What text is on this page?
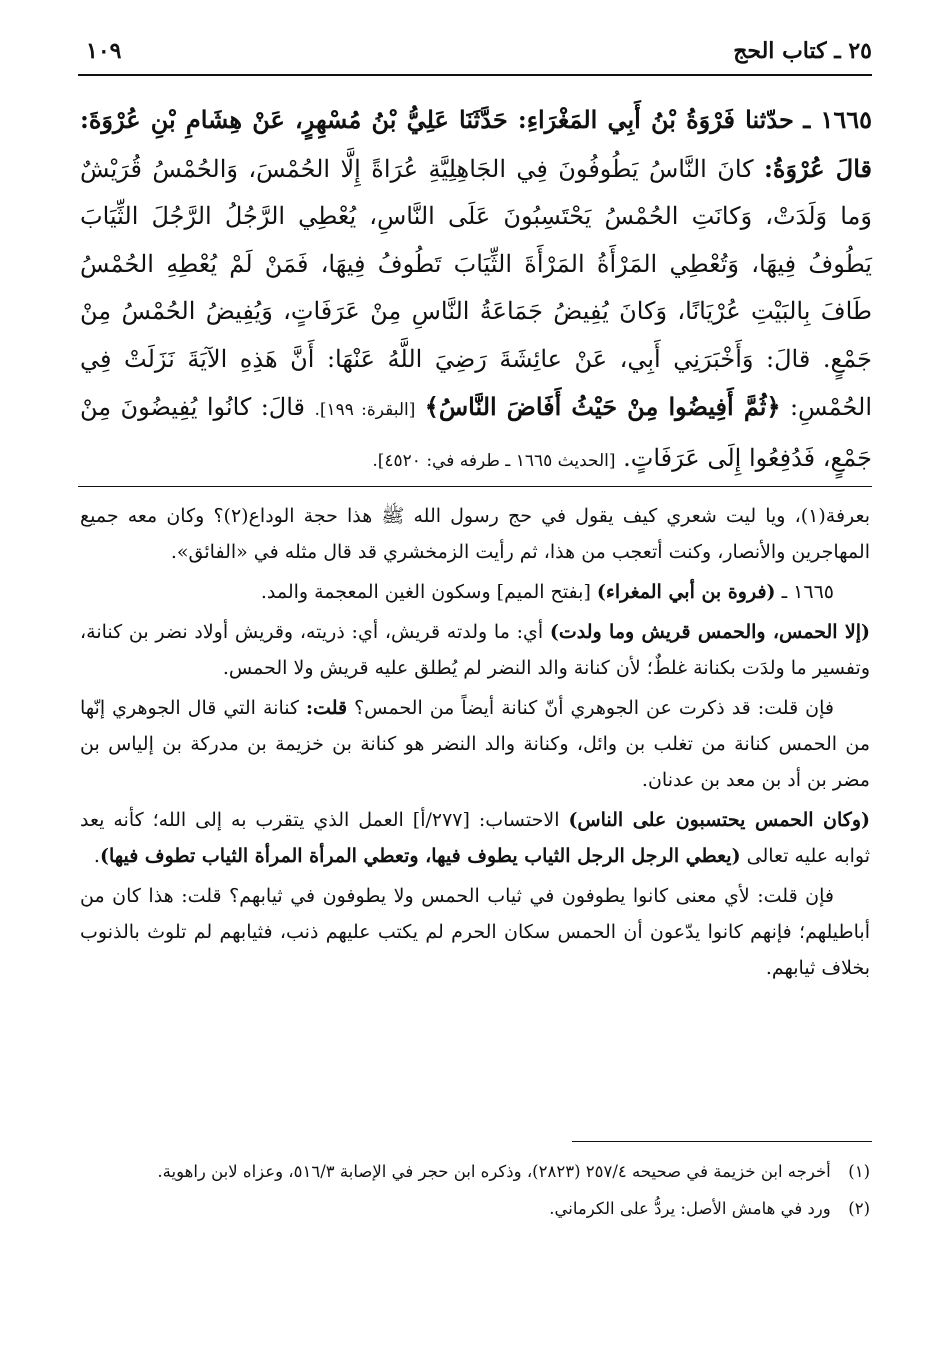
٢٥ ـ كتاب الحج
١٠٩
١٦٦٥ ـ حدّثنا فَرْوَةُ بْنُ أَبِي المَغْرَاءِ: حَدَّثَنَا عَلِيُّ بْنُ مُسْهِرٍ، عَنْ هِشَامِ بْنِ عُرْوَةَ: قالَ عُرْوَةُ: كانَ النَّاسُ يَطُوفُونَ فِي الجَاهِلِيَّةِ عُرَاةً إِلَّا الحُمْسَ، وَالحُمْسُ قُرَيْشٌ وَما وَلَدَتْ، وَكانَتِ الحُمْسُ يَحْتَسِبُونَ عَلَى النَّاسِ، يُعْطِي الرَّجُلُ الرَّجُلَ الثِّيَابَ يَطُوفُ فِيهَا، وَتُعْطِي المَرْأَةُ المَرْأَةَ الثِّيَابَ تَطُوفُ فِيهَا، فَمَنْ لَمْ يُعْطِهِ الحُمْسُ طَافَ بِالبَيْتِ عُرْيَانًا، وَكانَ يُفِيضُ جَمَاعَةُ النَّاسِ مِنْ عَرَفَاتٍ، وَيُفِيضُ الحُمْسُ مِنْ جَمْعٍ. قالَ: وَأَخْبَرَنِي أَبِي، عَنْ عائِشَةَ رَضِيَ اللَّهُ عَنْهَا: أَنَّ هَذِهِ الآيَةَ نَزَلَتْ فِي الحُمْسِ: ﴿ثُمَّ أَفِيضُوا مِنْ حَيْثُ أَفَاضَ النَّاسُ﴾ [البقرة: ١٩٩]. قالَ: كانُوا يُفِيضُونَ مِنْ جَمْعٍ، فَدُفِعُوا إِلَى عَرَفَاتٍ. [الحديث ١٦٦٥ ـ طرفه في: ٤٥٢٠].

بعرفة(١)، ويا ليت شعري كيف يقول في حج رسول الله ﷺ هذا حجة الوداع(٢)؟ وكان معه جميع المهاجرين والأنصار، وكنت أتعجب من هذا، ثم رأيت الزمخشري قد قال مثله في «الفائق».

١٦٦٥ ـ (فروة بن أبي المغراء) [بفتح الميم] وسكون الغين المعجمة والمد.

(إلا الحمس، والحمس قريش وما ولدت) أي: ما ولدته قريش، أي: ذريته، وقريش أولاد نضر بن كنانة، وتفسير ما ولدَت بكنانة غلطٌ؛ لأن كنانة والد النضر لم يُطلق عليه قريش ولا الحمس.

فإن قلت: قد ذكرت عن الجوهري أنّ كنانة أيضاً من الحمس؟ قلت: كنانة التي قال الجوهري إنّها من الحمس كنانة من تغلب بن وائل، وكنانة والد النضر هو كنانة بن خزيمة بن مدركة بن إلياس بن مضر بن أد بن معد بن عدنان.

(وكان الحمس يحتسبون على الناس) الاحتساب: [٢٧٧/أ] العمل الذي يتقرب به إلى الله؛ كأنه يعد ثوابه عليه تعالى (يعطي الرجل الرجل الثياب يطوف فيها، وتعطي المرأة المرأة الثياب تطوف فيها).

فإن قلت: لأي معنى كانوا يطوفون في ثياب الحمس ولا يطوفون في ثيابهم؟ قلت: هذا كان من أباطيلهم؛ فإنهم كانوا يدّعون أن الحمس سكان الحرم لم يكتب عليهم ذنب، فثيابهم لم تلوث بالذنوب بخلاف ثيابهم.

(١) أخرجه ابن خزيمة في صحيحه ٢٥٧/٤ (٢٨٢٣)، وذكره ابن حجر في الإصابة ٥١٦/٣، وعزاه لابن راهوية.

(٢) ورد في هامش الأصل: يردُّ على الكرماني.
